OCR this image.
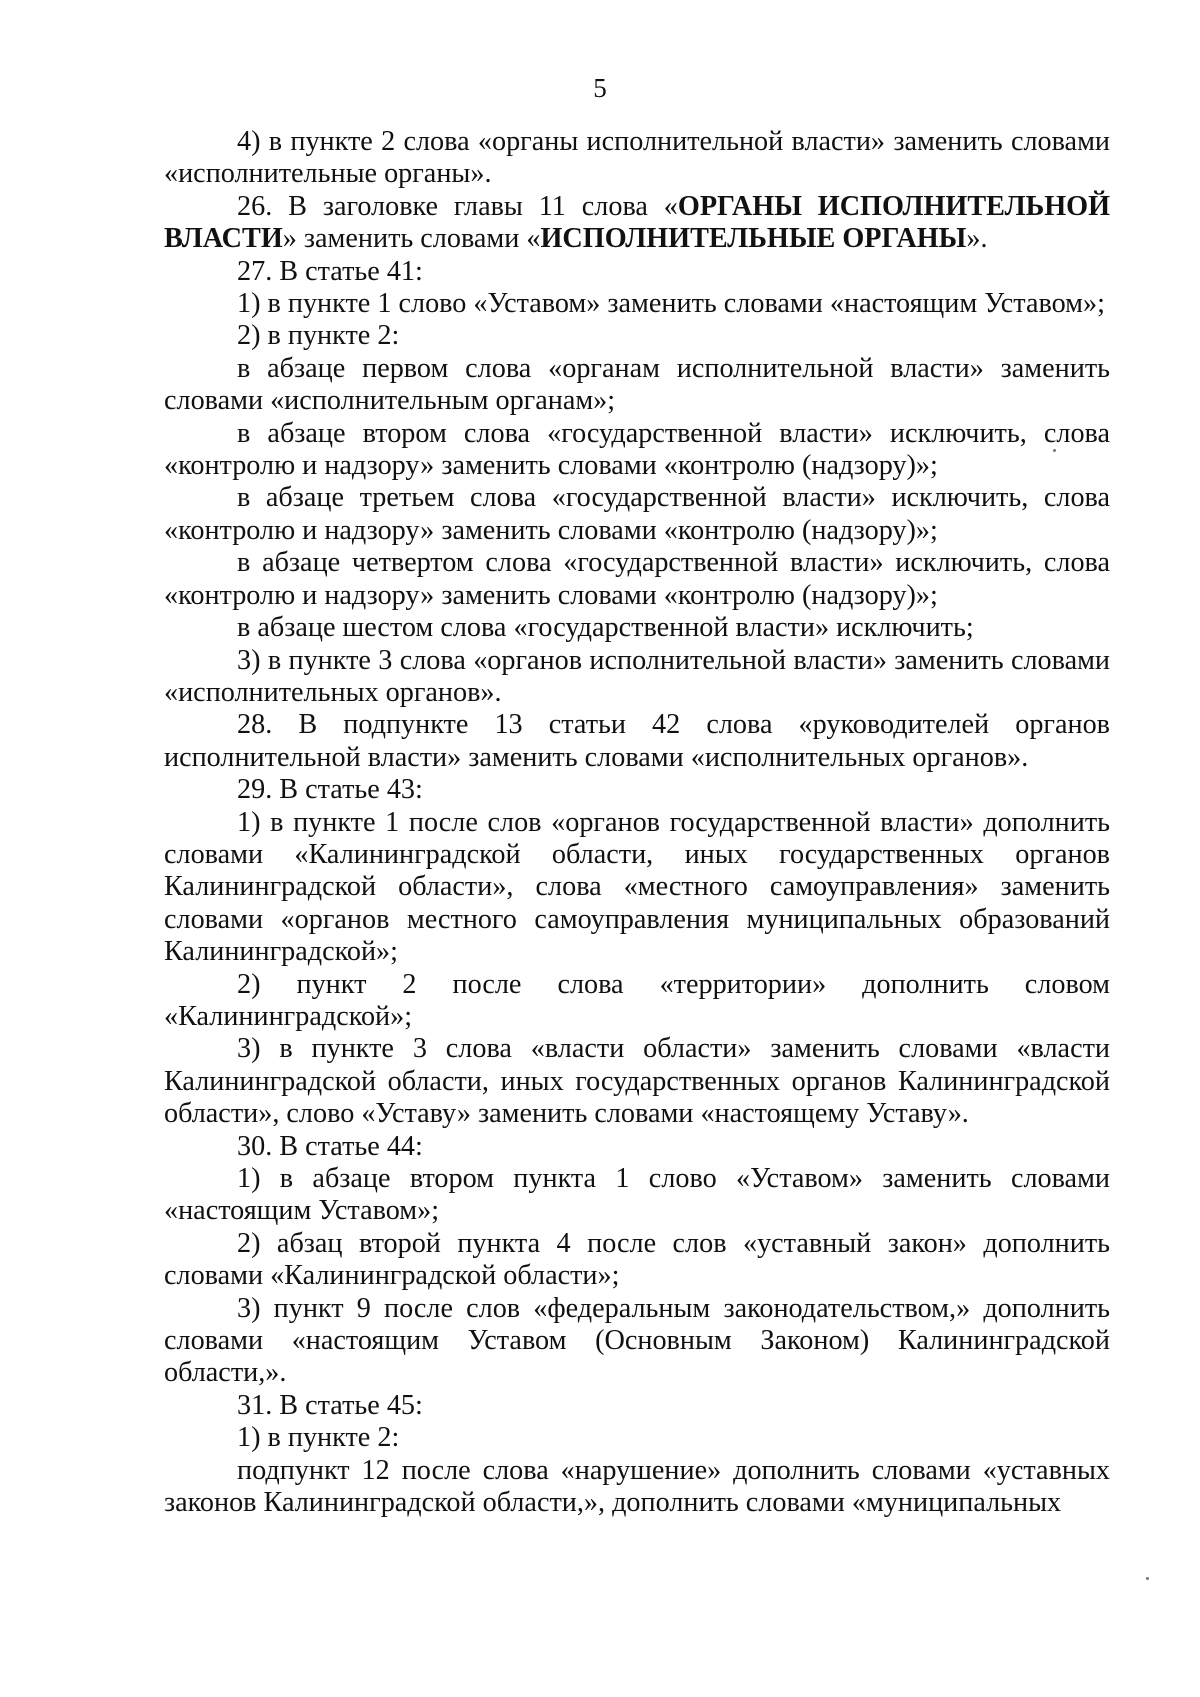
5

4) в пункте 2 слова «органы исполнительной власти» заменить словами «исполнительные органы».

26. В заголовке главы 11 слова «ОРГАНЫ ИСПОЛНИТЕЛЬНОЙ ВЛАСТИ» заменить словами «ИСПОЛНИТЕЛЬНЫЕ ОРГАНЫ».

27. В статье 41:

1) в пункте 1 слово «Уставом» заменить словами «настоящим Уставом»;

2) в пункте 2:

в абзаце первом слова «органам исполнительной власти» заменить словами «исполнительным органам»;

в абзаце втором слова «государственной власти» исключить, слова «контролю и надзору» заменить словами «контролю (надзору)»;

в абзаце третьем слова «государственной власти» исключить, слова «контролю и надзору» заменить словами «контролю (надзору)»;

в абзаце четвертом слова «государственной власти» исключить, слова «контролю и надзору» заменить словами «контролю (надзору)»;

в абзаце шестом слова «государственной власти» исключить;

3) в пункте 3 слова «органов исполнительной власти» заменить словами «исполнительных органов».

28. В подпункте 13 статьи 42 слова «руководителей органов исполнительной власти» заменить словами «исполнительных органов».

29. В статье 43:

1) в пункте 1 после слов «органов государственной власти» дополнить словами «Калининградской области, иных государственных органов Калининградской области», слова «местного самоуправления» заменить словами «органов местного самоуправления муниципальных образований Калининградской»;

2) пункт 2 после слова «территории» дополнить словом «Калининградской»;

3) в пункте 3 слова «власти области» заменить словами «власти Калининградской области, иных государственных органов Калининградской области», слово «Уставу» заменить словами «настоящему Уставу».

30. В статье 44:

1) в абзаце втором пункта 1 слово «Уставом» заменить словами «настоящим Уставом»;

2) абзац второй пункта 4 после слов «уставный закон» дополнить словами «Калининградской области»;

3) пункт 9 после слов «федеральным законодательством,» дополнить словами «настоящим Уставом (Основным Законом) Калининградской области,».

31. В статье 45:

1) в пункте 2:

подпункт 12 после слова «нарушение» дополнить словами «уставных законов Калининградской области,», дополнить словами «муниципальных
